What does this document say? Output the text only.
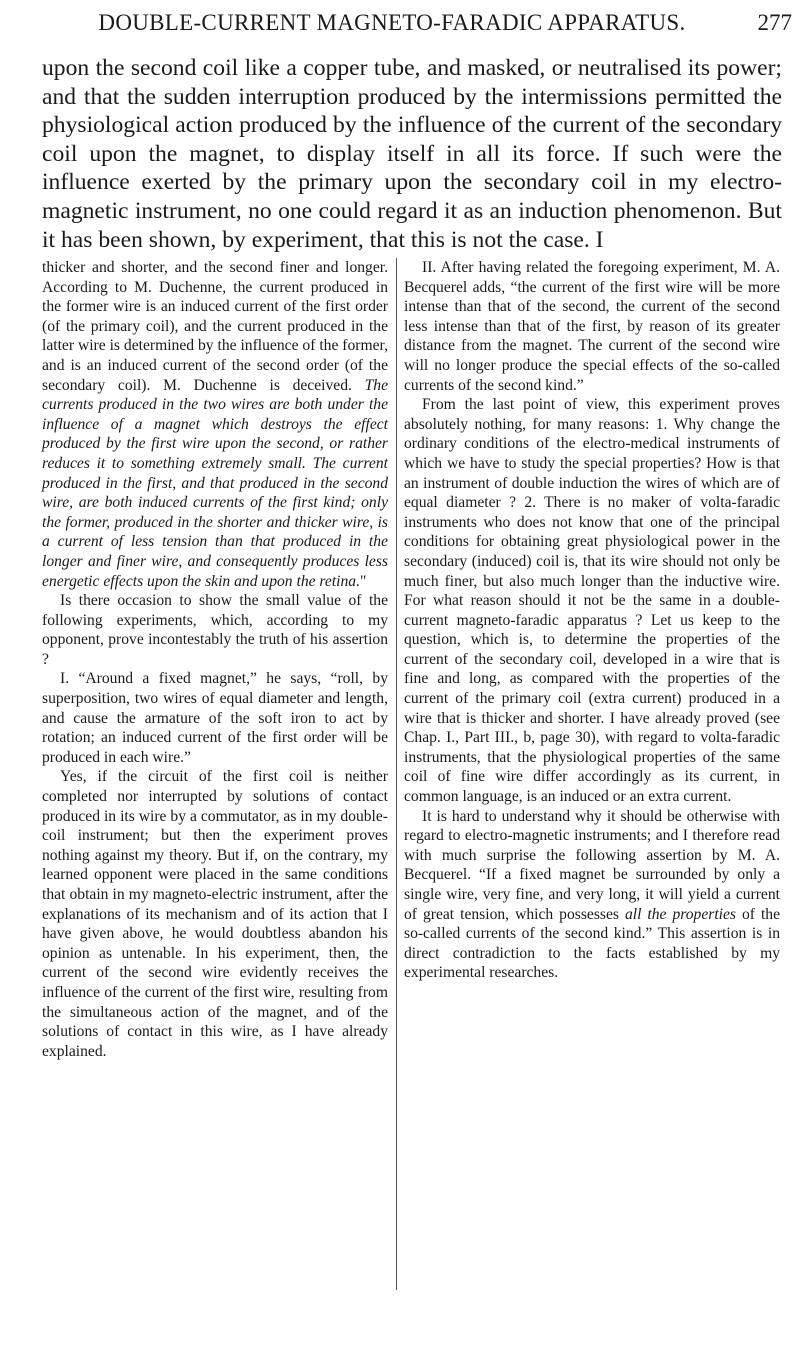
DOUBLE-CURRENT MAGNETO-FARADIC APPARATUS.	277

upon the second coil like a copper tube, and masked, or neutralised its power; and that the sudden interruption produced by the intermissions permitted the physiological action produced by the influence of the current of the secondary coil upon the magnet, to display itself in all its force. If such were the influence exerted by the primary upon the secondary coil in my electro-magnetic instrument, no one could regard it as an induction phenomenon. But it has been shown, by experiment, that this is not the case. I

thicker and shorter, and the second finer and longer. According to M. Duchenne, the current produced in the former wire is an induced current of the first order (of the primary coil), and the current produced in the latter wire is determined by the influence of the former, and is an induced current of the second order (of the secondary coil). M. Duchenne is deceived. The currents produced in the two wires are both under the influence of a magnet which destroys the effect produced by the first wire upon the second, or rather reduces it to something extremely small. The current produced in the first, and that produced in the second wire, are both induced currents of the first kind; only the former, produced in the shorter and thicker wire, is a current of less tension than that produced in the longer and finer wire, and consequently produces less energetic effects upon the skin and upon the retina."

Is there occasion to show the small value of the following experiments, which, according to my opponent, prove incontestably the truth of his assertion ?

I. “Around a fixed magnet,” he says, “roll, by superposition, two wires of equal diameter and length, and cause the armature of the soft iron to act by rotation; an induced current of the first order will be produced in each wire.”

Yes, if the circuit of the first coil is neither completed nor interrupted by solutions of contact produced in its wire by a commutator, as in my double-coil instrument; but then the experiment proves nothing against my theory. But if, on the contrary, my learned opponent were placed in the same conditions that obtain in my magneto-electric instrument, after the explanations of its mechanism and of its action that I have given above, he would doubtless abandon his opinion as untenable. In his experiment, then, the current of the second wire evidently receives the influence of the current of the first wire, resulting from the simultaneous action of the magnet, and of the solutions of contact in this wire, as I have already explained.

II. After having related the foregoing experiment, M. A. Becquerel adds, “the current of the first wire will be more intense than that of the second, the current of the second less intense than that of the first, by reason of its greater distance from the magnet. The current of the second wire will no longer produce the special effects of the so-called currents of the second kind.”

From the last point of view, this experiment proves absolutely nothing, for many reasons: 1. Why change the ordinary conditions of the electro-medical instruments of which we have to study the special properties? How is that an instrument of double induction the wires of which are of equal diameter ? 2. There is no maker of volta-faradic instruments who does not know that one of the principal conditions for obtaining great physiological power in the secondary (induced) coil is, that its wire should not only be much finer, but also much longer than the inductive wire. For what reason should it not be the same in a double-current magneto-faradic apparatus ? Let us keep to the question, which is, to determine the properties of the current of the secondary coil, developed in a wire that is fine and long, as compared with the properties of the current of the primary coil (extra current) produced in a wire that is thicker and shorter. I have already proved (see Chap. I., Part III., b, page 30), with regard to volta-faradic instruments, that the physiological properties of the same coil of fine wire differ accordingly as its current, in common language, is an induced or an extra current.

It is hard to understand why it should be otherwise with regard to electro-magnetic instruments; and I therefore read with much surprise the following assertion by M. A. Becquerel. “If a fixed magnet be surrounded by only a single wire, very fine, and very long, it will yield a current of great tension, which possesses all the properties of the so-called currents of the second kind.” This assertion is in direct contradiction to the facts established by my experimental researches.
